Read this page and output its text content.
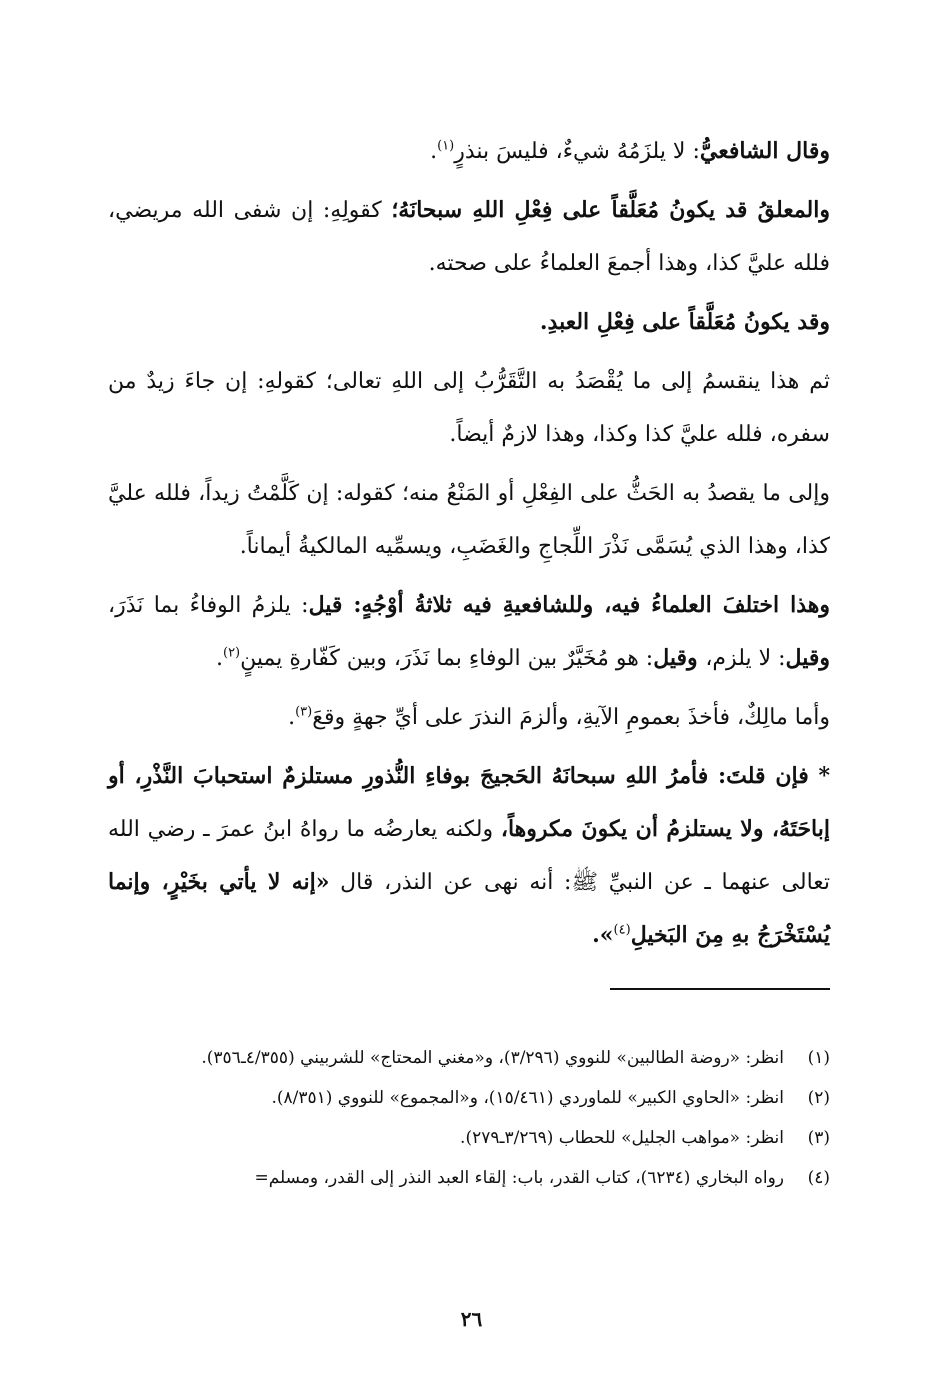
وقال الشافعيُّ: لا يلزَمُهُ شيءٌ، فليسَ بنذرٍ$^{(١)}$.

والمعلقُ قد يكونُ مُعَلَّقاً على فِعْلِ اللهِ سبحانَهُ؛ كقولِهِ: إن شفى الله مريضي، فلله عليَّ كذا، وهذا أجمعَ العلماءُ على صحته.

وقد يكونُ مُعَلَّقاً على فِعْلِ العبدِ.

ثم هذا ينقسمُ إلى ما يُقْصَدُ به التَّقَرُّبُ إلى اللهِ تعالى؛ كقولهِ: إن جاءَ زيدٌ من سفره، فلله عليَّ كذا وكذا، وهذا لازمٌ أيضاً.

وإلى ما يقصدُ به الحَثُّ على الفِعْلِ أو المَنْعُ منه؛ كقوله: إن كَلَّمْتُ زيداً، فلله عليَّ كذا، وهذا الذي يُسَمَّى نَذْرَ اللِّجاجِ والغَضَبِ، ويسمِّيه المالكيةُ أيماناً.

وهذا اختلفَ العلماءُ فيه، وللشافعيةِ فيه ثلاثةُ أوْجُهٍ: قيل: يلزمُ الوفاءُ بما نَذَرَ، وقيل: لا يلزم، وقيل: هو مُخَيَّرٌ بين الوفاءِ بما نَذَرَ، وبين كَفّارةِ يمينٍ$^{(٢)}$.

وأما مالِكٌ، فأخذَ بعمومِ الآيةِ، وألزمَ النذرَ على أيِّ جهةٍ وقعَ$^{(٣)}$.

* فإن قلتَ: فأمرُ اللهِ سبحانَهُ الحَجيجَ بوفاءِ النُّذورِ مستلزمٌ استحبابَ النَّذْرِ، أو إباحَتَهُ، ولا يستلزمُ أن يكونَ مكروهاً، ولكنه يعارضُه ما رواهُ ابنُ عمرَ ـ رضي الله تعالى عنهما ـ عن النبيِّ ﷺ: أنه نهى عن النذر، قال «إنه لا يأتي بخَيْرٍ، وإنما يُسْتَخْرَجُ بهِ مِنَ البَخيلِ$^{(٤)}$».

(١)
انظر: «روضة الطالبين» للنووي (٣/٢٩٦)، و«مغني المحتاج» للشربيني (٤/٣٥٥ـ٣٥٦).
(٢)
انظر: «الحاوي الكبير» للماوردي (١٥/٤٦١)، و«المجموع» للنووي (٨/٣٥١).
(٣)
انظر: «مواهب الجليل» للحطاب (٣/٢٦٩ـ٢٧٩).
(٤)
رواه البخاري (٦٢٣٤)، كتاب القدر، باب: إلقاء العبد النذر إلى القدر، ومسلم=
٢٦
